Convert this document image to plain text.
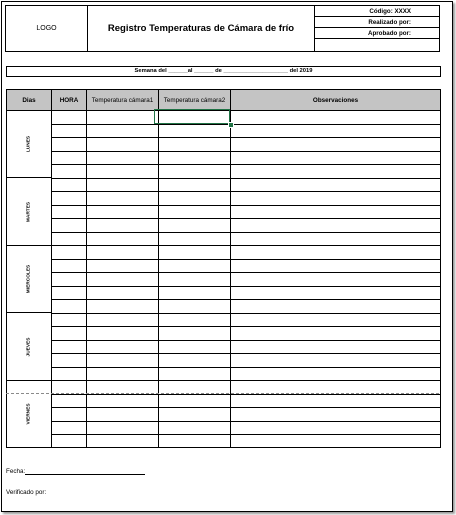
LOGO	Registro Temperaturas de Cámara de frío
Código: XXXX
Realizado por:
Aprobado por:
Semana del ______al ______ de ____________________ del 2019
Dias	HORA	Temperatura cámara1	Temperatura cámara2	Observaciones
LUNES
MARTES
MIERCOLES
JUEVES
VIERNES
Fecha:
Verificado por:
